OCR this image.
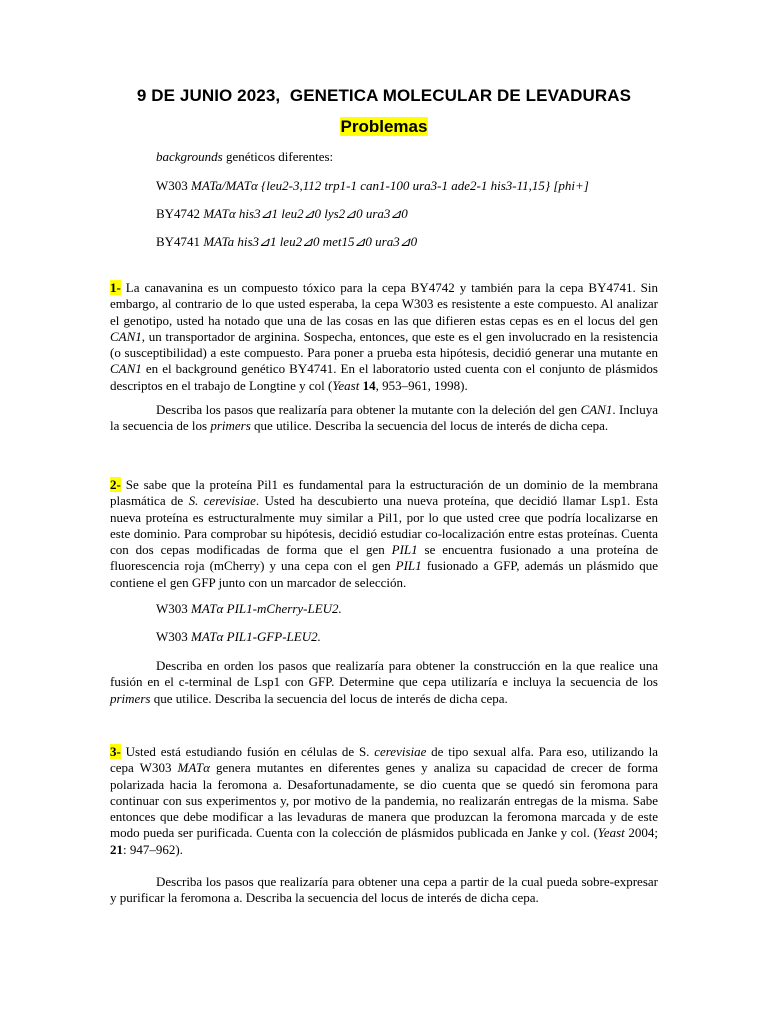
9 DE JUNIO 2023,  GENETICA MOLECULAR DE LEVADURAS
Problemas
backgrounds genéticos diferentes:
W303 MATa/MATα {leu2-3,112 trp1-1 can1-100 ura3-1 ade2-1 his3-11,15} [phi+]
BY4742 MATα his3⊿1 leu2⊿0 lys2⊿0 ura3⊿0
BY4741 MATa his3⊿1 leu2⊿0 met15⊿0 ura3⊿0
1- La canavanina es un compuesto tóxico para la cepa BY4742 y también para la cepa BY4741. Sin embargo, al contrario de lo que usted esperaba, la cepa W303 es resistente a este compuesto. Al analizar el genotipo, usted ha notado que una de las cosas en las que difieren estas cepas es en el locus del gen CAN1, un transportador de arginina. Sospecha, entonces, que este es el gen involucrado en la resistencia (o susceptibilidad) a este compuesto. Para poner a prueba esta hipótesis, decidió generar una mutante en CAN1 en el background genético BY4741. En el laboratorio usted cuenta con el conjunto de plásmidos descriptos en el trabajo de Longtine y col (Yeast 14, 953–961, 1998).
Describa los pasos que realizaría para obtener la mutante con la deleción del gen CAN1. Incluya la secuencia de los primers que utilice. Describa la secuencia del locus de interés de dicha cepa.
2- Se sabe que la proteína Pil1 es fundamental para la estructuración de un dominio de la membrana plasmática de S. cerevisiae. Usted ha descubierto una nueva proteína, que decidió llamar Lsp1. Esta nueva proteína es estructuralmente muy similar a Pil1, por lo que usted cree que podría localizarse en este dominio. Para comprobar su hipótesis, decidió estudiar co-localización entre estas proteínas. Cuenta con dos cepas modificadas de forma que el gen PIL1 se encuentra fusionado a una proteína de fluorescencia roja (mCherry) y una cepa con el gen PIL1 fusionado a GFP, además un plásmido que contiene el gen GFP junto con un marcador de selección.
W303 MATα PIL1-mCherry-LEU2.
W303 MATα PIL1-GFP-LEU2.
Describa en orden los pasos que realizaría para obtener la construcción en la que realice una fusión en el c-terminal de Lsp1 con GFP. Determine que cepa utilizaría e incluya la secuencia de los primers que utilice. Describa la secuencia del locus de interés de dicha cepa.
3- Usted está estudiando fusión en células de S. cerevisiae de tipo sexual alfa. Para eso, utilizando la cepa W303 MATα genera mutantes en diferentes genes y analiza su capacidad de crecer de forma polarizada hacia la feromona a. Desafortunadamente, se dio cuenta que se quedó sin feromona para continuar con sus experimentos y, por motivo de la pandemia, no realizarán entregas de la misma. Sabe entonces que debe modificar a las levaduras de manera que produzcan la feromona marcada y de este modo pueda ser purificada. Cuenta con la colección de plásmidos publicada en Janke y col. (Yeast 2004; 21: 947–962).
Describa los pasos que realizaría para obtener una cepa a partir de la cual pueda sobre-expresar y purificar la feromona a. Describa la secuencia del locus de interés de dicha cepa.
